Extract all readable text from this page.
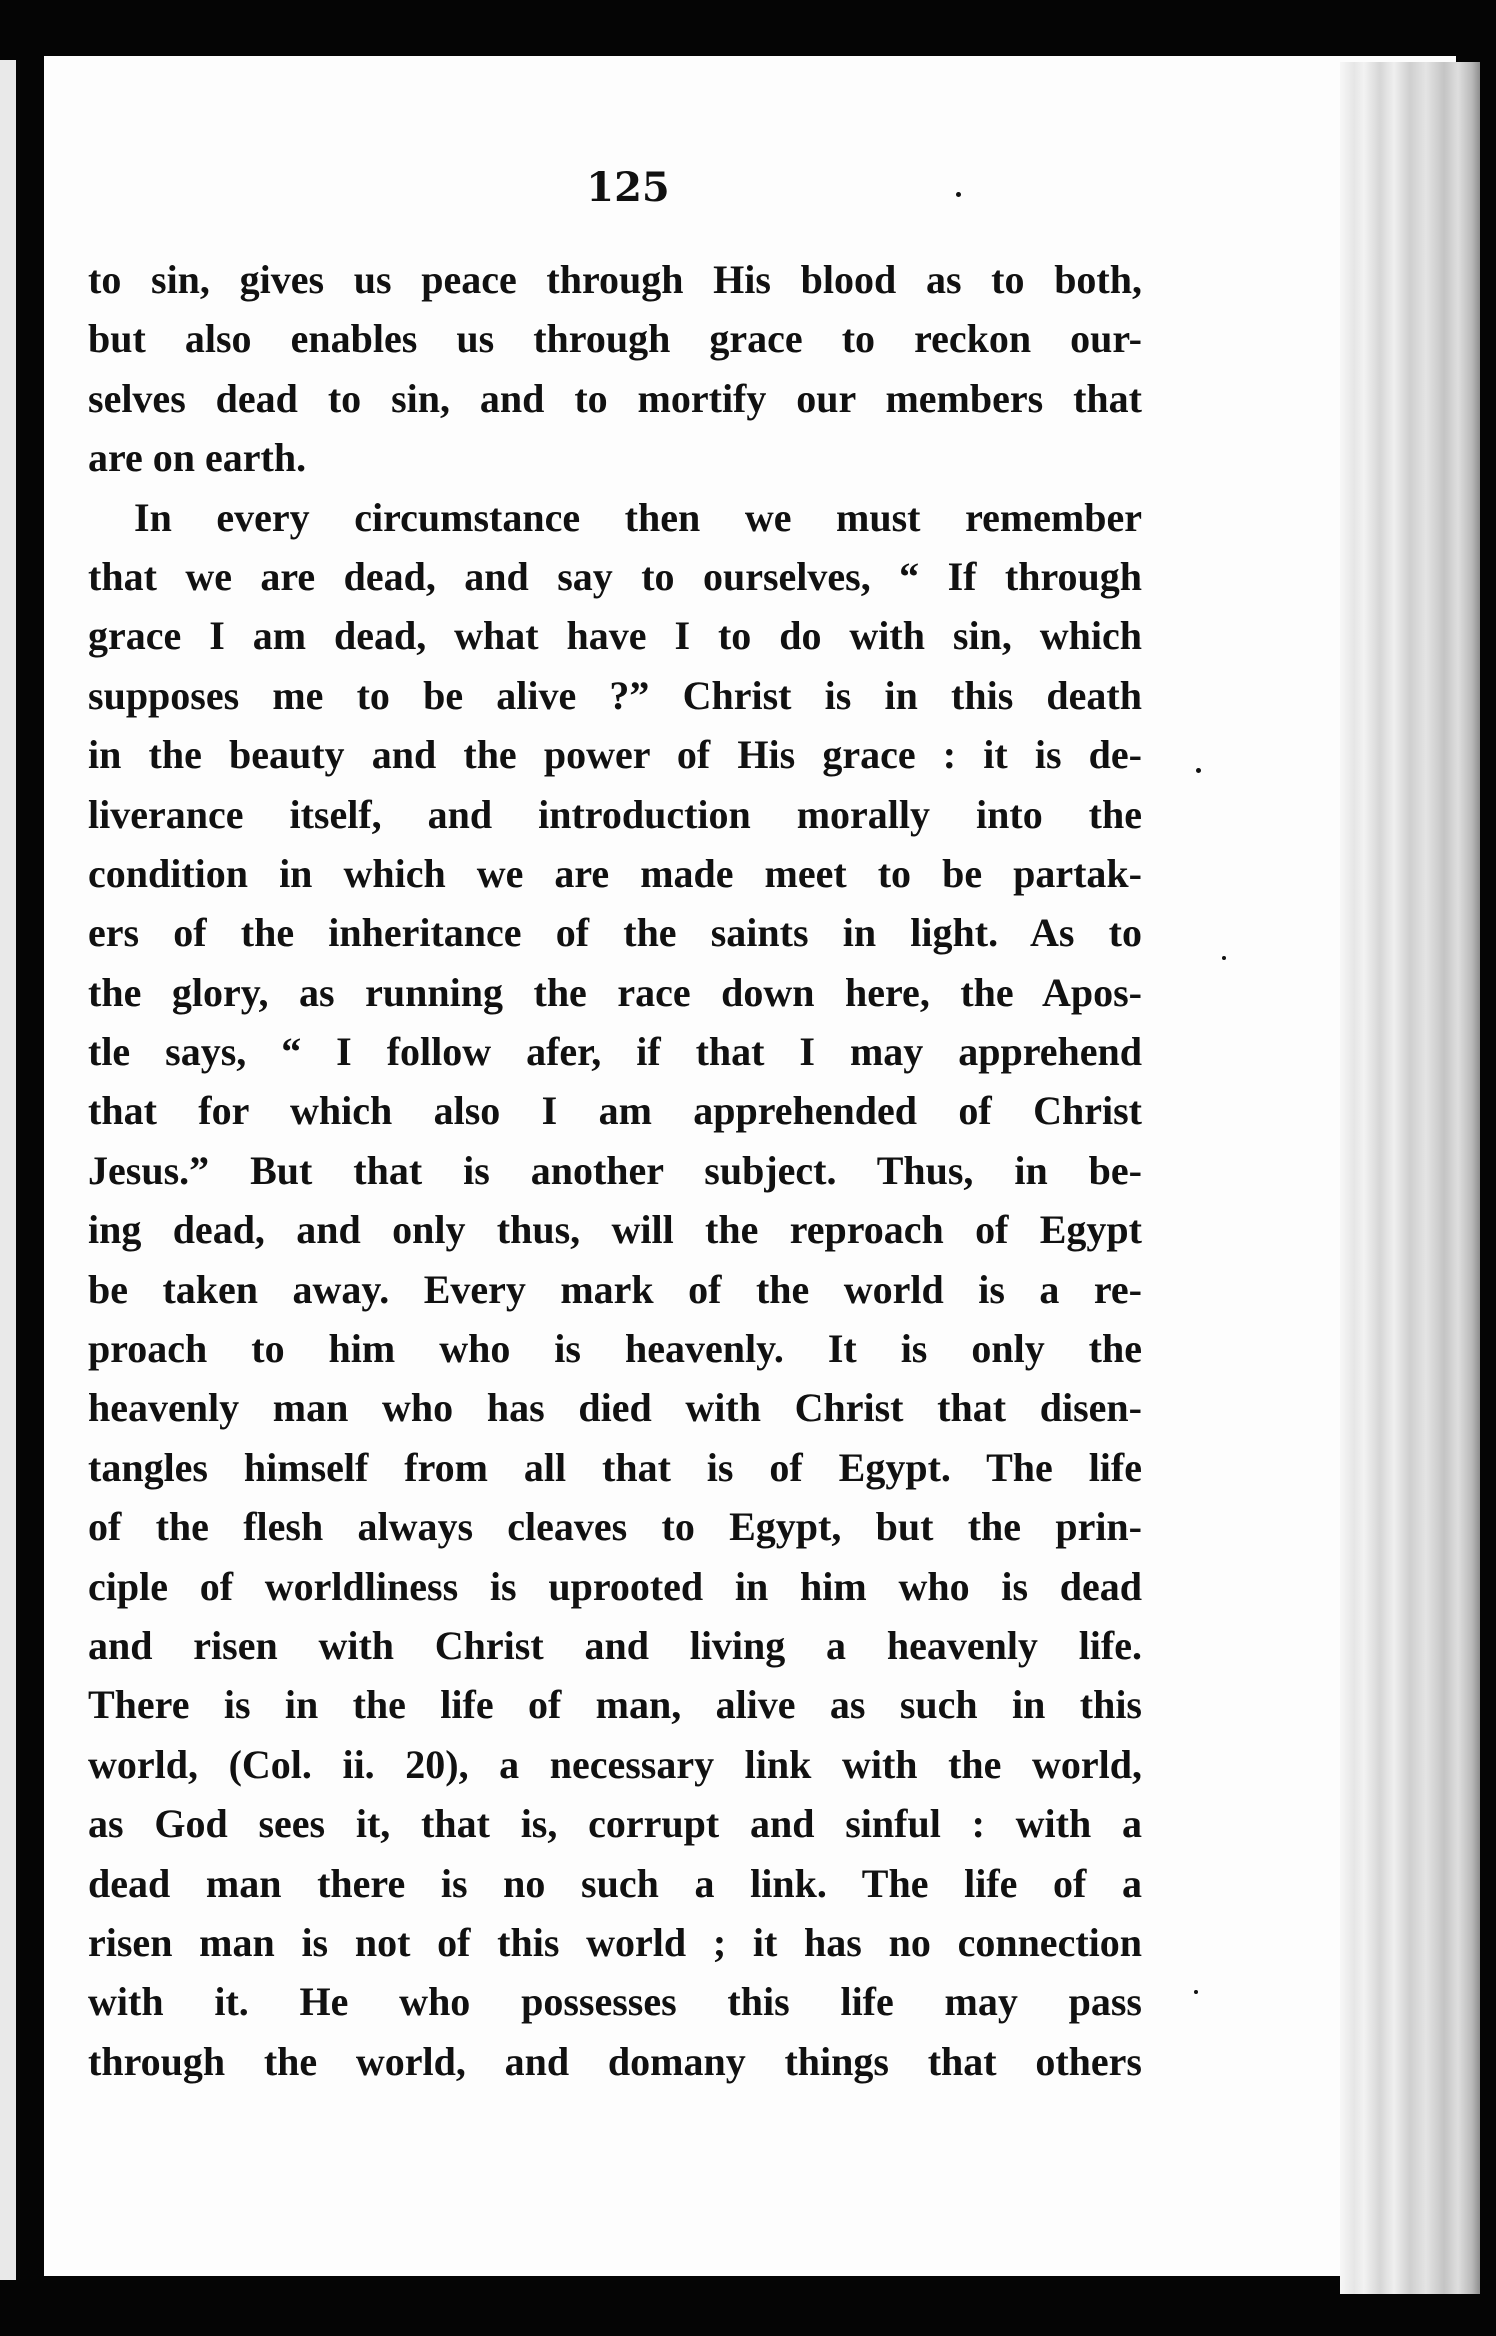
125
to sin, gives us peace through His blood as to both,
but also enables us through grace to reckon our-
selves dead to sin, and to mortify our members that
are on earth.
In every circumstance then we must remember
that we are dead, and say to ourselves, “ If through
grace I am dead, what have I to do with sin, which
supposes me to be alive ?” Christ is in this death
in the beauty and the power of His grace : it is de-
liverance itself, and introduction morally into the
condition in which we are made meet to be partak-
ers of the inheritance of the saints in light. As to
the glory, as running the race down here, the Apos-
tle says, “ I follow afer, if that I may apprehend
that for which also I am apprehended of Christ
Jesus.” But that is another subject. Thus, in be-
ing dead, and only thus, will the reproach of Egypt
be taken away. Every mark of the world is a re-
proach to him who is heavenly. It is only the
heavenly man who has died with Christ that disen-
tangles himself from all that is of Egypt. The life
of the flesh always cleaves to Egypt, but the prin-
ciple of worldliness is uprooted in him who is dead
and risen with Christ and living a heavenly life.
There is in the life of man, alive as such in this
world, (Col. ii. 20), a necessary link with the world,
as God sees it, that is, corrupt and sinful : with a
dead man there is no such a link. The life of a
risen man is not of this world ; it has no connection
with it. He who possesses this life may pass
through the world, and domany things that others
